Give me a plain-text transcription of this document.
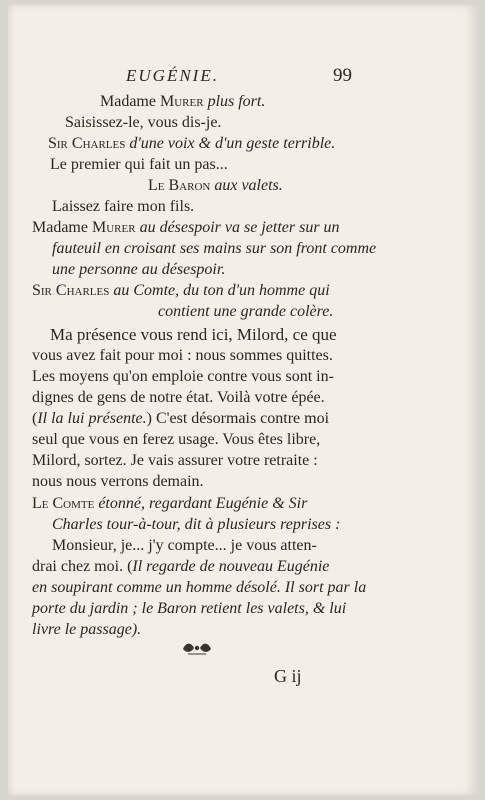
EUGÉNIE.	99
Madame Murer plus fort.
Saisissez-le, vous dis-je.
Sir Charles d'une voix & d'un geste terrible.
Le premier qui fait un pas...
Le Baron aux valets.
Laissez faire mon fils.
Madame Murer au désespoir va se jetter sur un
fauteuil en croisant ses mains sur son front comme
une personne au désespoir.
Sir Charles au Comte, du ton d'un homme qui
contient une grande colère.
Ma présence vous rend ici, Milord, ce que
vous avez fait pour moi : nous sommes quittes.
Les moyens qu'on emploie contre vous sont in-
dignes de gens de notre état. Voilà votre épée.
(Il la lui présente.) C'est désormais contre moi
seul que vous en ferez usage. Vous êtes libre,
Milord, sortez. Je vais assurer votre retraite :
nous nous verrons demain.
Le Comte étonné, regardant Eugénie & Sir
Charles tour-à-tour, dit à plusieurs reprises :
Monsieur, je... j'y compte... je vous atten-
drai chez moi. (Il regarde de nouveau Eugénie
en soupirant comme un homme désolé. Il sort par la
porte du jardin ; le Baron retient les valets, & lui
livre le passage).
G ij
